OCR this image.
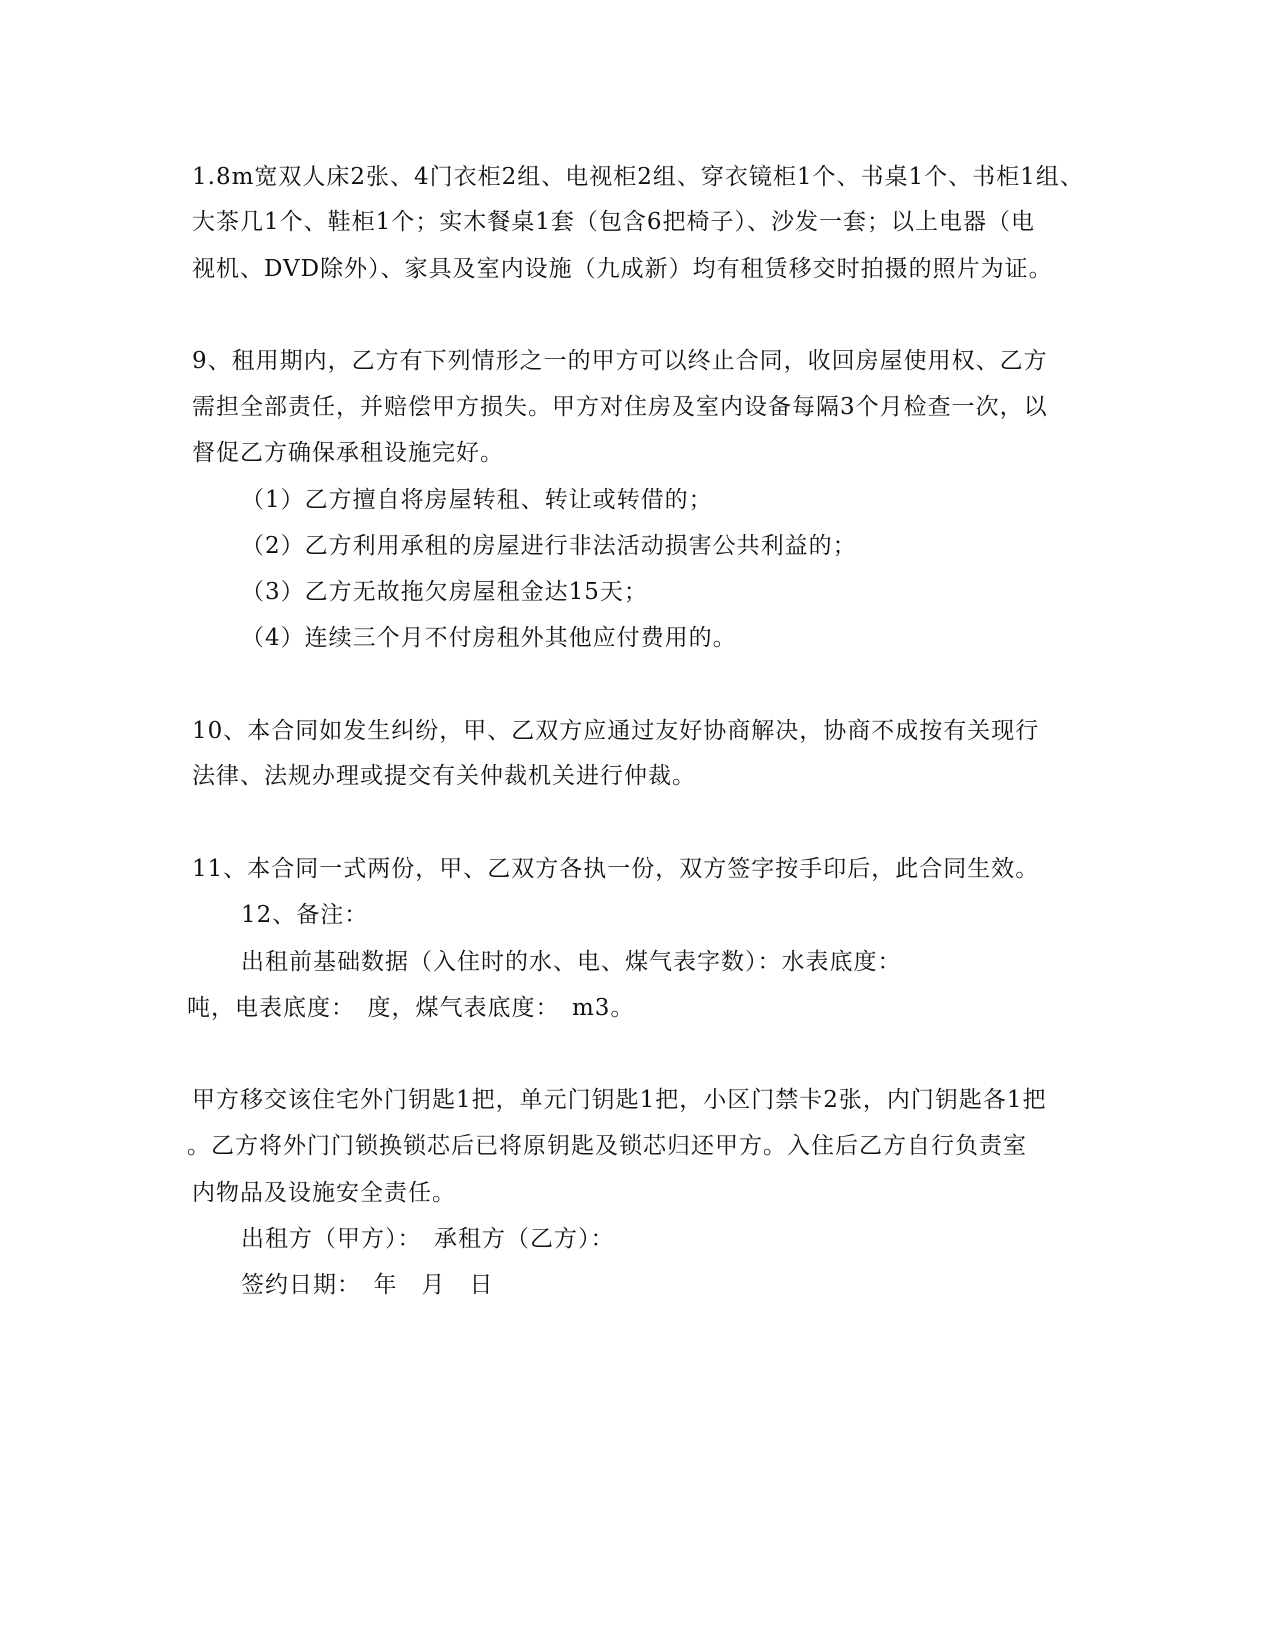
1.8m宽双人床2张、4门衣柜2组、电视柜2组、穿衣镜柜1个、书桌1个、书柜1组、
大茶几1个、鞋柜1个；实木餐桌1套（包含6把椅子）、沙发一套；以上电器（电
视机、DVD除外）、家具及室内设施（九成新）均有租赁移交时拍摄的照片为证。
9、租用期内，乙方有下列情形之一的甲方可以终止合同，收回房屋使用权、乙方
需担全部责任，并赔偿甲方损失。甲方对住房及室内设备每隔3个月检查一次，以
督促乙方确保承租设施完好。
（1）乙方擅自将房屋转租、转让或转借的；
（2）乙方利用承租的房屋进行非法活动损害公共利益的；
（3）乙方无故拖欠房屋租金达15天；
（4）连续三个月不付房租外其他应付费用的。
10、本合同如发生纠纷，甲、乙双方应通过友好协商解决，协商不成按有关现行
法律、法规办理或提交有关仲裁机关进行仲裁。
11、本合同一式两份，甲、乙双方各执一份，双方签字按手印后，此合同生效。
12、备注：
出租前基础数据（入住时的水、电、煤气表字数）：水表底度：
吨，电表底度：　度，煤气表底度：　m3。
甲方移交该住宅外门钥匙1把，单元门钥匙1把，小区门禁卡2张，内门钥匙各1把
。乙方将外门门锁换锁芯后已将原钥匙及锁芯归还甲方。入住后乙方自行负责室
内物品及设施安全责任。
出租方（甲方）：　承租方（乙方）：
签约日期：　年　月　日
